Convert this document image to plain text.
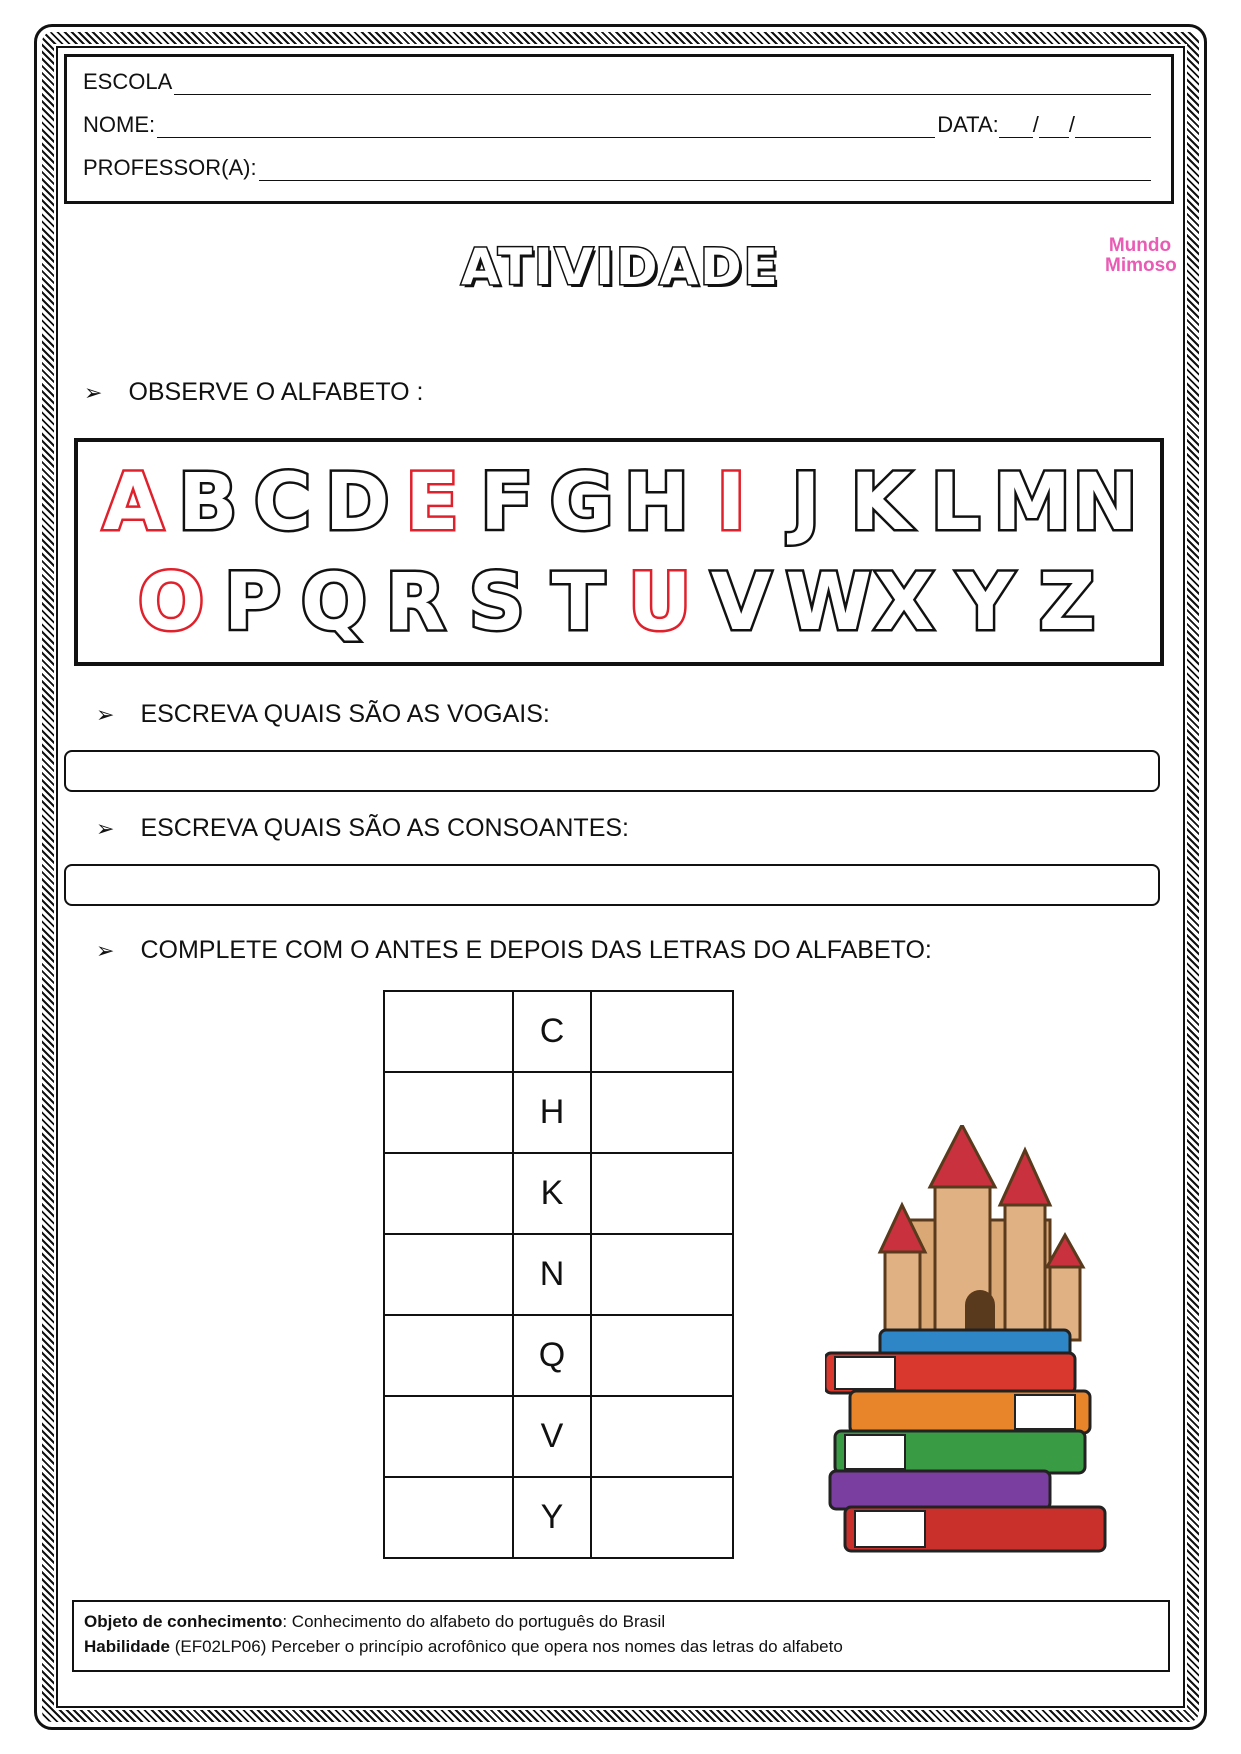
ESCOLA
NOME:	DATA: / /
PROFESSOR(A):
ATIVIDADE	Mundo
Mimoso
➢ OBSERVE O ALFABETO :
A B C D E F G H I J K L M N
O P Q R S T U V W X Y Z
➢ ESCREVA QUAIS SÃO AS VOGAIS:
➢ ESCREVA QUAIS SÃO AS CONSOANTES:
➢ COMPLETE COM O ANTES E DEPOIS DAS LETRAS DO ALFABETO:
	C	
	H	
	K	
	N	
	Q	
	V	
	Y	
Objeto de conhecimento: Conhecimento do alfabeto do português do Brasil
Habilidade (EF02LP06) Perceber o princípio acrofônico que opera nos nomes das letras do alfabeto
